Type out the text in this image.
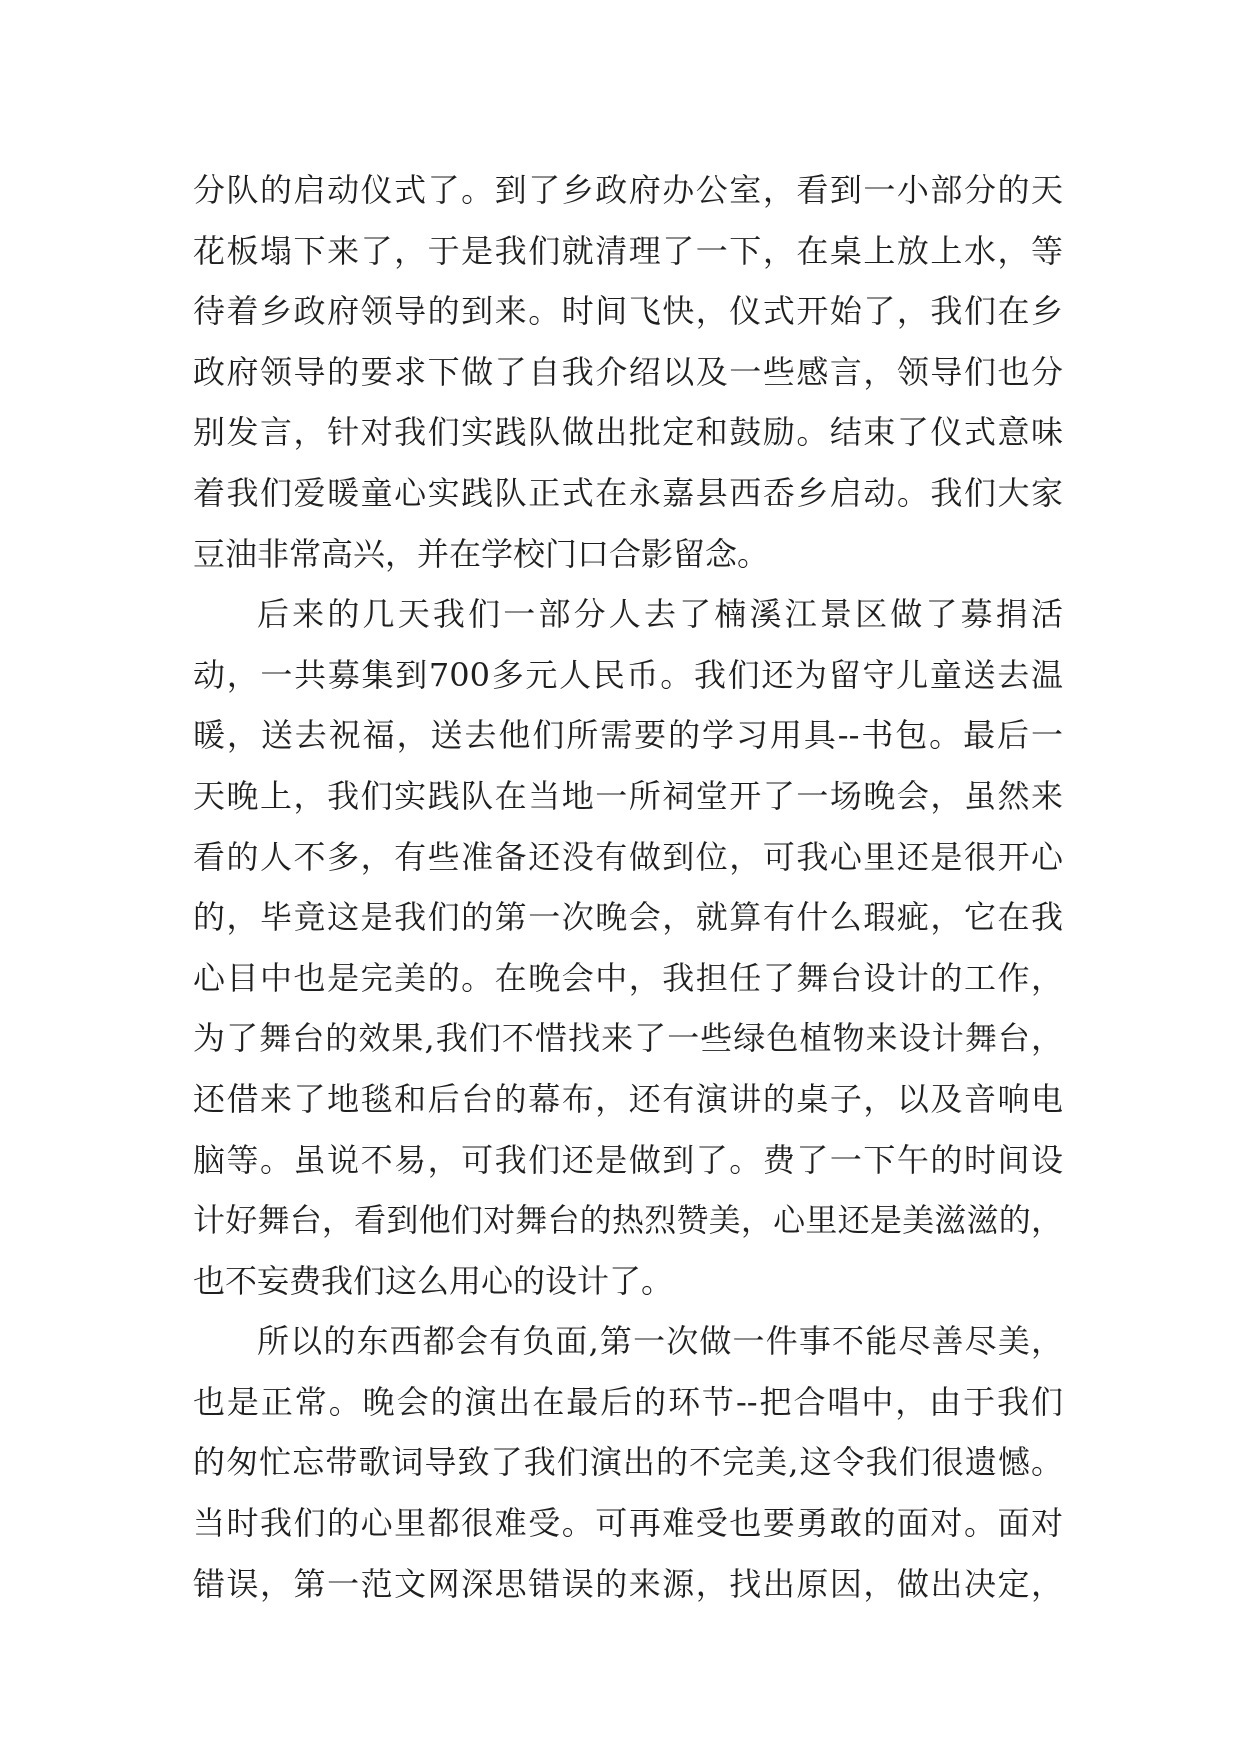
分队的启动仪式了。到了乡政府办公室，看到一小部分的天
花板塌下来了，于是我们就清理了一下，在桌上放上水，等
待着乡政府领导的到来。时间飞快，仪式开始了，我们在乡
政府领导的要求下做了自我介绍以及一些感言，领导们也分
别发言，针对我们实践队做出批定和鼓励。结束了仪式意味
着我们爱暖童心实践队正式在永嘉县西岙乡启动。我们大家
豆油非常高兴，并在学校门口合影留念。
后来的几天我们一部分人去了楠溪江景区做了募捐活
动，一共募集到700多元人民币。我们还为留守儿童送去温
暖，送去祝福，送去他们所需要的学习用具--书包。最后一
天晚上，我们实践队在当地一所祠堂开了一场晚会，虽然来
看的人不多，有些准备还没有做到位，可我心里还是很开心
的，毕竟这是我们的第一次晚会，就算有什么瑕疵，它在我
心目中也是完美的。在晚会中，我担任了舞台设计的工作，
为了舞台的效果,我们不惜找来了一些绿色植物来设计舞台，
还借来了地毯和后台的幕布，还有演讲的桌子，以及音响电
脑等。虽说不易，可我们还是做到了。费了一下午的时间设
计好舞台，看到他们对舞台的热烈赞美，心里还是美滋滋的，
也不妄费我们这么用心的设计了。
所以的东西都会有负面,第一次做一件事不能尽善尽美，
也是正常。晚会的演出在最后的环节--把合唱中，由于我们
的匆忙忘带歌词导致了我们演出的不完美,这令我们很遗憾。
当时我们的心里都很难受。可再难受也要勇敢的面对。面对
错误，第一范文网深思错误的来源，找出原因，做出决定，
